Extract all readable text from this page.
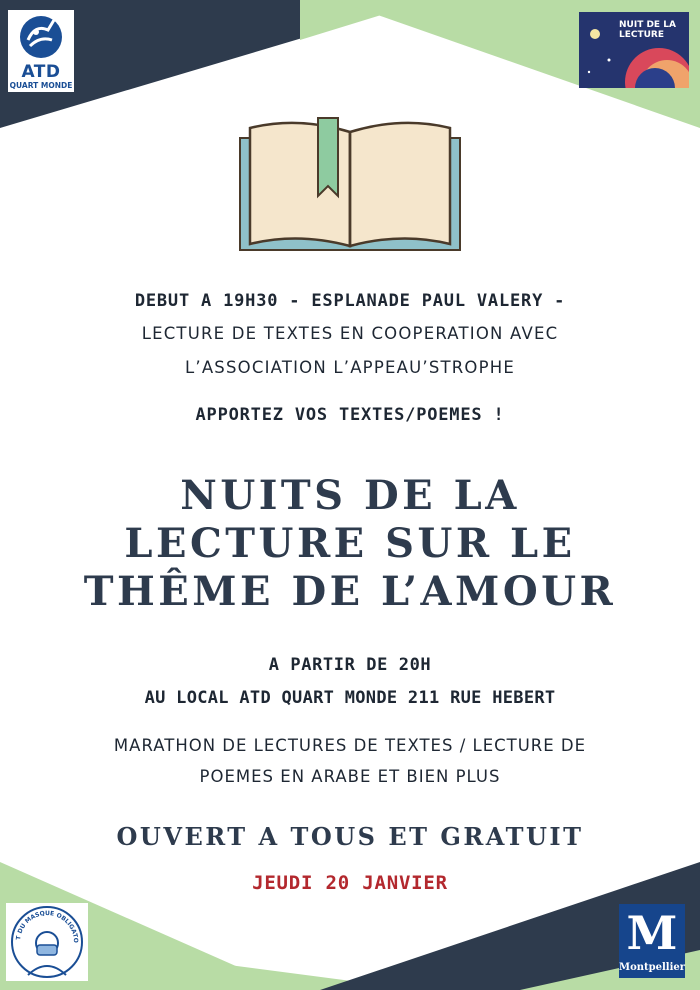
ATD
QUART MONDE
NUIT DE LA LECTURE
DEBUT A 19H30 - ESPLANADE PAUL VALERY -
LECTURE DE TEXTES EN COOPERATION AVEC
L’ASSOCIATION L’APPEAU’STROPHE
APPORTEZ VOS TEXTES/POEMES !
NUITS DE LA
LECTURE SUR LE
THÊME DE L’AMOUR
A PARTIR DE 20H
AU LOCAL ATD QUART MONDE 211 RUE HEBERT
MARATHON DE LECTURES DE TEXTES / LECTURE DE
POEMES EN ARABE ET BIEN PLUS
OUVERT A TOUS ET GRATUIT
JEUDI 20 JANVIER
T DU MASQUE OBLIGATO	M
Montpellier
